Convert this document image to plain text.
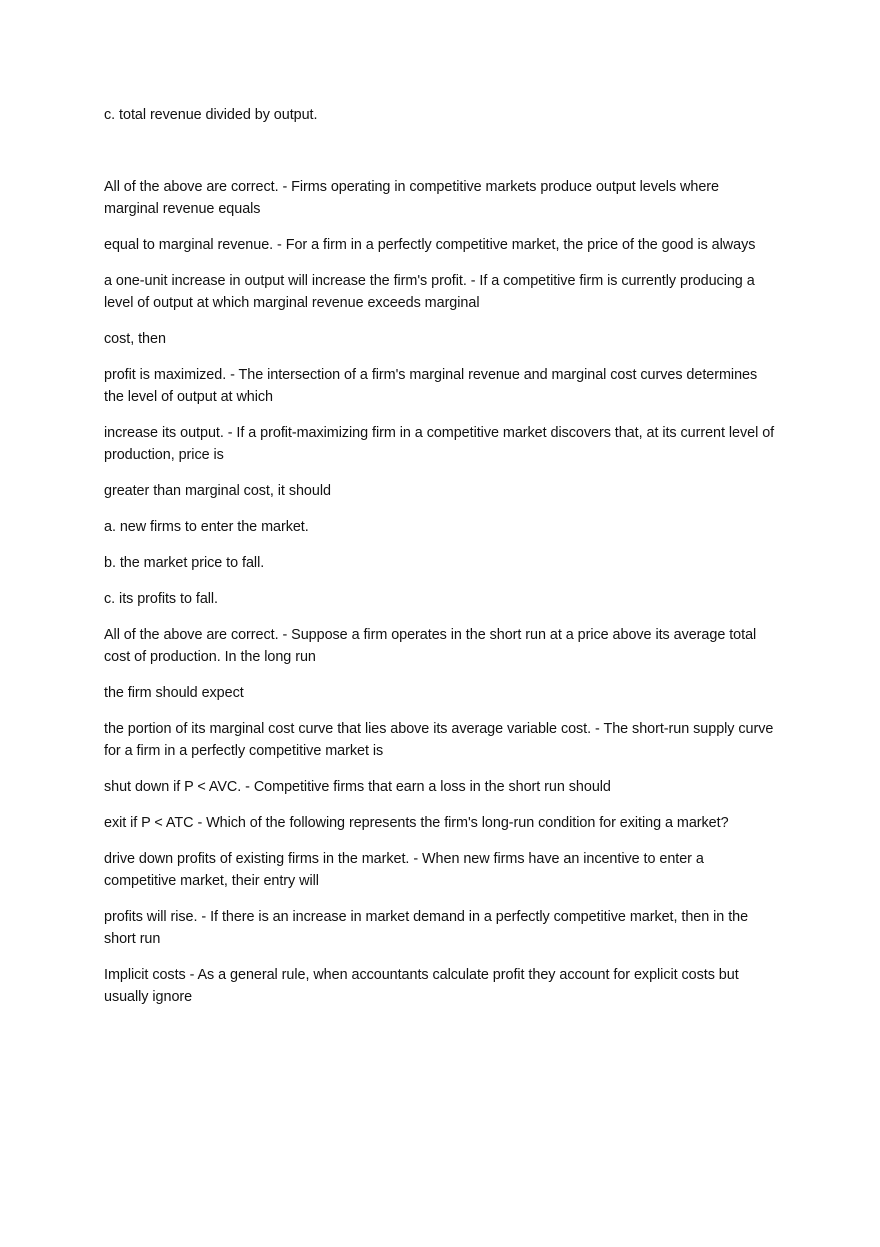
c. total revenue divided by output.

All of the above are correct. - Firms operating in competitive markets produce output levels where marginal revenue equals

equal to marginal revenue. - For a firm in a perfectly competitive market, the price of the good is always

a one-unit increase in output will increase the firm's profit. - If a competitive firm is currently producing a level of output at which marginal revenue exceeds marginal

cost, then

profit is maximized. - The intersection of a firm's marginal revenue and marginal cost curves determines the level of output at which

increase its output. - If a profit-maximizing firm in a competitive market discovers that, at its current level of production, price is

greater than marginal cost, it should

a. new firms to enter the market.

b. the market price to fall.

c. its profits to fall.

All of the above are correct. - Suppose a firm operates in the short run at a price above its average total cost of production. In the long run

the firm should expect

the portion of its marginal cost curve that lies above its average variable cost. - The short-run supply curve for a firm in a perfectly competitive market is

shut down if P < AVC. - Competitive firms that earn a loss in the short run should

exit if P < ATC - Which of the following represents the firm's long-run condition for exiting a market?

drive down profits of existing firms in the market. - When new firms have an incentive to enter a competitive market, their entry will

profits will rise. - If there is an increase in market demand in a perfectly competitive market, then in the short run

Implicit costs - As a general rule, when accountants calculate profit they account for explicit costs but usually ignore
